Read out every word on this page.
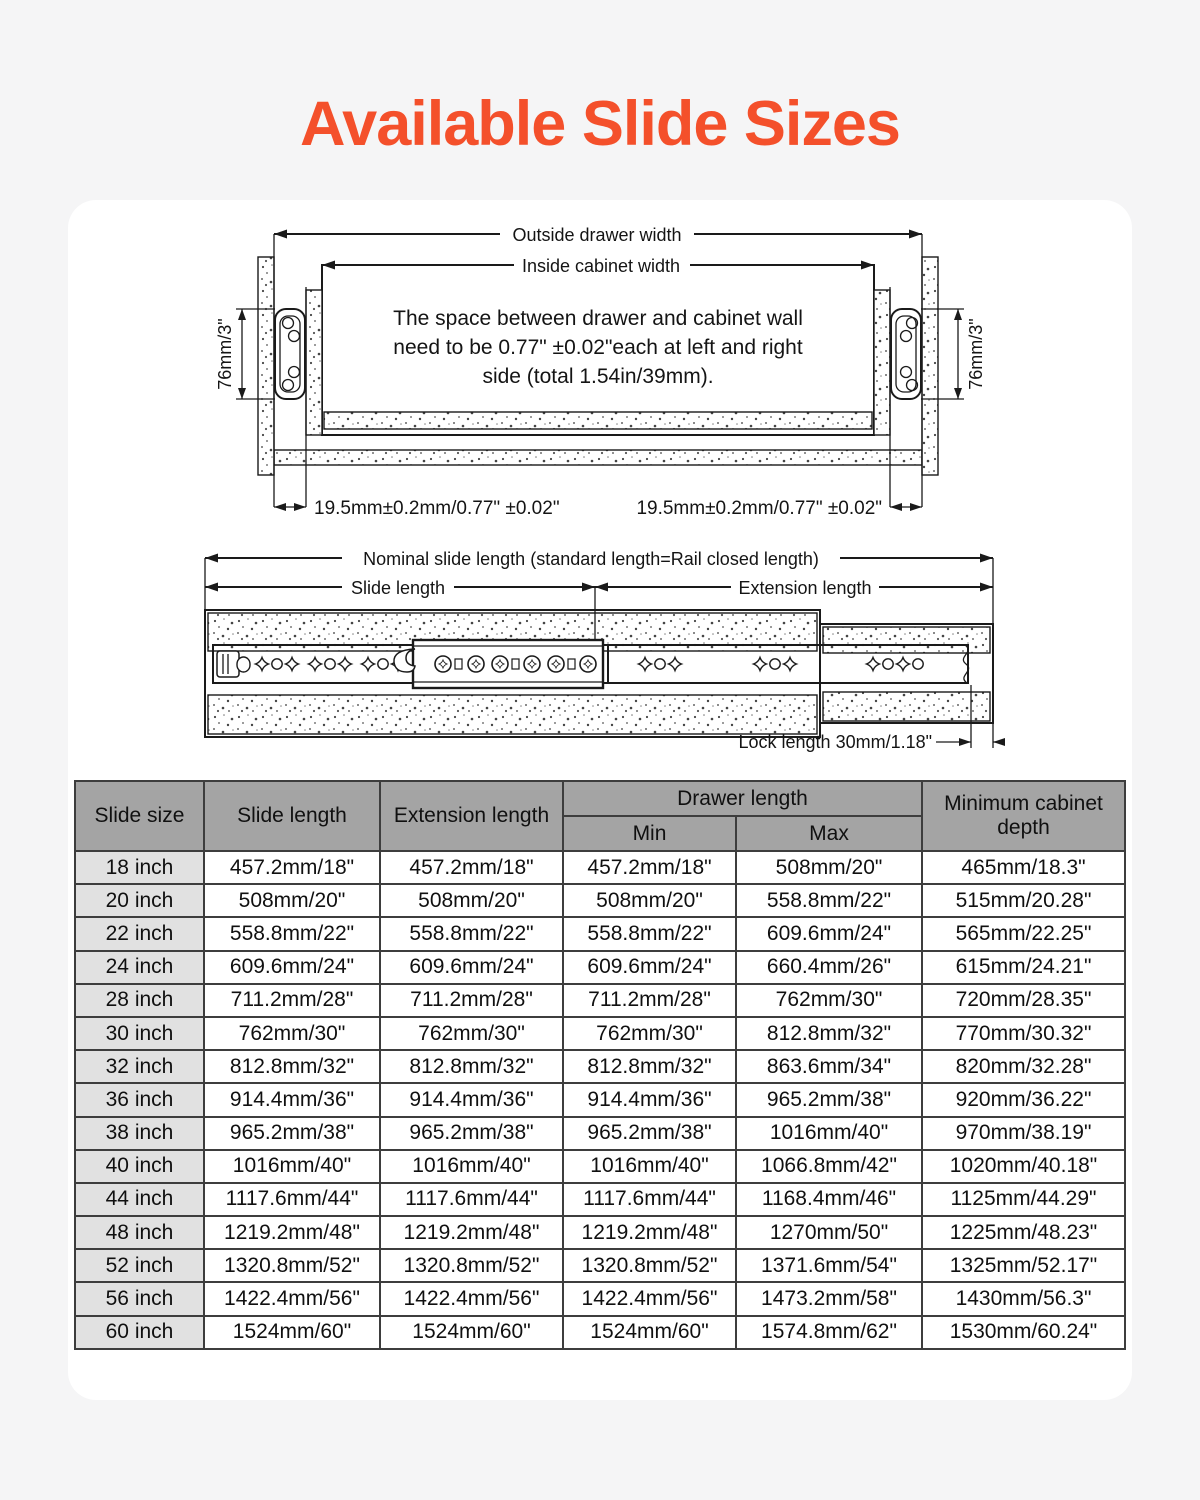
Available Slide Sizes
Outside drawer width
Inside cabinet width
76mm/3"	76mm/3"
The space between drawer and cabinet wall
need to be 0.77" ±0.02"each at left and right
side (total 1.54in/39mm).
19.5mm±0.2mm/0.77" ±0.02"	19.5mm±0.2mm/0.77" ±0.02"
Nominal slide length (standard length=Rail closed length)
Slide length	Extension length
Lock length 30mm/1.18"
Slide size	Slide length	Extension length	Drawer length		Minimum cabinet depth
			Min	Max	
18 inch	457.2mm/18"	457.2mm/18"	457.2mm/18"	508mm/20"	465mm/18.3"
20 inch	508mm/20"	508mm/20"	508mm/20"	558.8mm/22"	515mm/20.28"
22 inch	558.8mm/22"	558.8mm/22"	558.8mm/22"	609.6mm/24"	565mm/22.25"
24 inch	609.6mm/24"	609.6mm/24"	609.6mm/24"	660.4mm/26"	615mm/24.21"
28 inch	711.2mm/28"	711.2mm/28"	711.2mm/28"	762mm/30"	720mm/28.35"
30 inch	762mm/30"	762mm/30"	762mm/30"	812.8mm/32"	770mm/30.32"
32 inch	812.8mm/32"	812.8mm/32"	812.8mm/32"	863.6mm/34"	820mm/32.28"
36 inch	914.4mm/36"	914.4mm/36"	914.4mm/36"	965.2mm/38"	920mm/36.22"
38 inch	965.2mm/38"	965.2mm/38"	965.2mm/38"	1016mm/40"	970mm/38.19"
40 inch	1016mm/40"	1016mm/40"	1016mm/40"	1066.8mm/42"	1020mm/40.18"
44 inch	1117.6mm/44"	1117.6mm/44"	1117.6mm/44"	1168.4mm/46"	1125mm/44.29"
48 inch	1219.2mm/48"	1219.2mm/48"	1219.2mm/48"	1270mm/50"	1225mm/48.23"
52 inch	1320.8mm/52"	1320.8mm/52"	1320.8mm/52"	1371.6mm/54"	1325mm/52.17"
56 inch	1422.4mm/56"	1422.4mm/56"	1422.4mm/56"	1473.2mm/58"	1430mm/56.3"
60 inch	1524mm/60"	1524mm/60"	1524mm/60"	1574.8mm/62"	1530mm/60.24"
